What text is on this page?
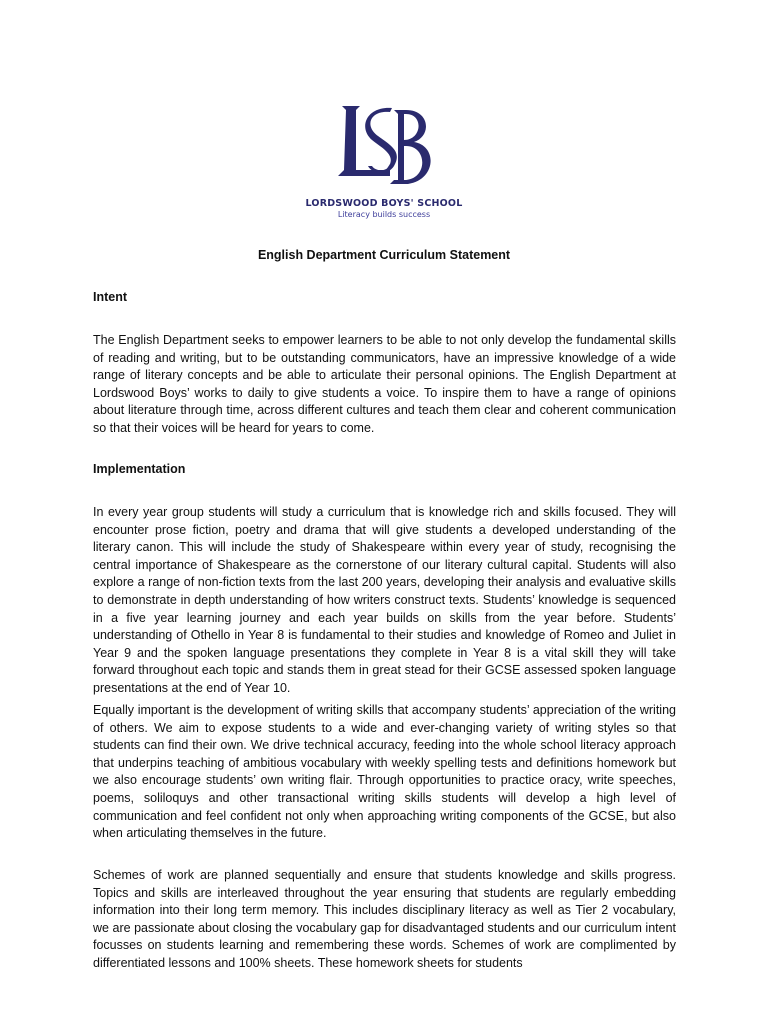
LORDSWOOD BOYS' SCHOOL
Literacy builds success
English Department Curriculum Statement
Intent

The English Department seeks to empower learners to be able to not only develop the fundamental skills of reading and writing, but to be outstanding communicators, have an impressive knowledge of a wide range of literary concepts and be able to articulate their personal opinions. The English Department at Lordswood Boys’ works to daily to give students a voice. To inspire them to have a range of opinions about literature through time, across different cultures and teach them clear and coherent communication so that their voices will be heard for years to come.

Implementation

In every year group students will study a curriculum that is knowledge rich and skills focused. They will encounter prose fiction, poetry and drama that will give students a developed understanding of the literary canon. This will include the study of Shakespeare within every year of study, recognising the central importance of Shakespeare as the cornerstone of our literary cultural capital. Students will also explore a range of non-fiction texts from the last 200 years, developing their analysis and evaluative skills to demonstrate in depth understanding of how writers construct texts. Students’ knowledge is sequenced in a five year learning journey and each year builds on skills from the year before. Students’ understanding of Othello in Year 8 is fundamental to their studies and knowledge of Romeo and Juliet in Year 9 and the spoken language presentations they complete in Year 8 is a vital skill they will take forward throughout each topic and stands them in great stead for their GCSE assessed spoken language presentations at the end of Year 10.

Equally important is the development of writing skills that accompany students’ appreciation of the writing of others. We aim to expose students to a wide and ever-changing variety of writing styles so that students can find their own. We drive technical accuracy, feeding into the whole school literacy approach that underpins teaching of ambitious vocabulary with weekly spelling tests and definitions homework but we also encourage students’ own writing flair. Through opportunities to practice oracy, write speeches, poems, soliloquys and other transactional writing skills students will develop a high level of communication and feel confident not only when approaching writing components of the GCSE, but also when articulating themselves in the future.

Schemes of work are planned sequentially and ensure that students knowledge and skills progress. Topics and skills are interleaved throughout the year ensuring that students are regularly embedding information into their long term memory. This includes disciplinary literacy as well as Tier 2 vocabulary, we are passionate about closing the vocabulary gap for disadvantaged students and our curriculum intent focusses on students learning and remembering these words. Schemes of work are complimented by differentiated lessons and 100% sheets. These homework sheets for students
